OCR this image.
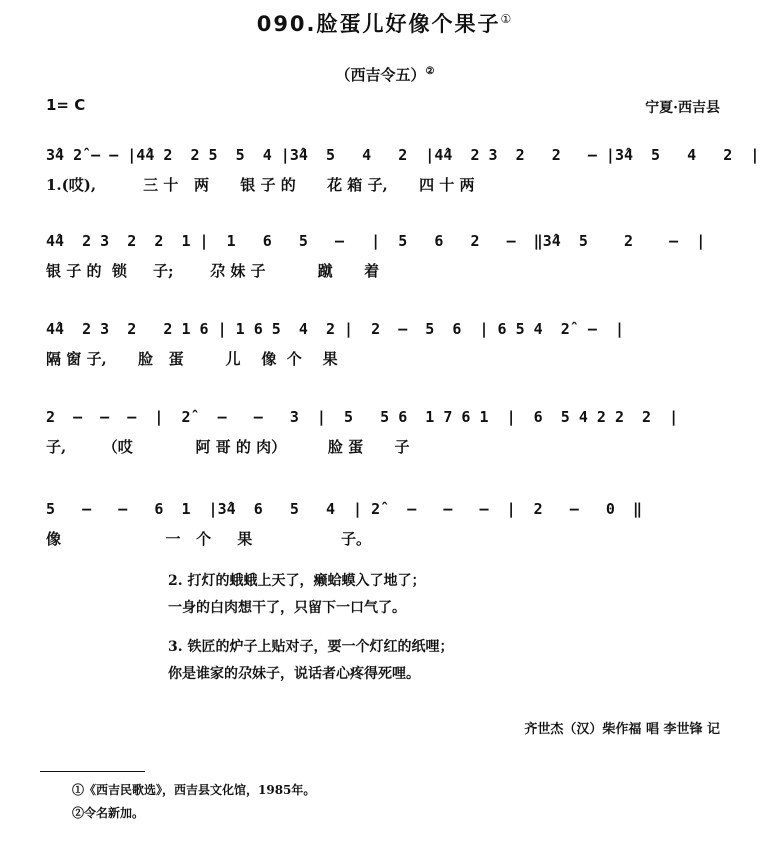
090.脸蛋儿好像个果子①
（西吉令五）②
1= C	宁夏·西吉县
3̂4 2̂ – – |4̂4 2  2 5  5  4 |3̂4  5   4   2  |4̂4  2 3  2   2   – |3̂4  5   4   2  |
1.(哎),         三 十   两      银 子 的      花 箱 子,      四 十 两
4̂4  2 3  2  2  1 |  1   6   5   –   |  5   6   2   –  ‖3̂4  5    2    –  |
银 子 的  锁     子;       尕 妹 子          蹴      着
4̂4  2 3  2   2 1 6 | 1 6 5  4  2 |  2  –  5  6  | 6 5 4  2̂  –  |
隔 窗 子,      脸   蛋        儿    像  个    果
2  –  –  –  |  2̂   –   –   3  |  5   5 6  1 7 6 1  |  6  5 4 2 2  2  |
子,       （哎            阿 哥 的 肉）        脸 蛋      子
5   –   –   6  1  |3̂4  6   5   4  | 2̂   –   –   –  |  2   –   0  ‖
像                    一   个     果                 子。
2. 打灯的蛾蛾上天了，癞蛤蟆入了地了；
一身的白肉想干了，只留下一口气了。
3. 铁匠的炉子上贴对子，要一个灯红的纸哩；
你是谁家的尕妹子，说话者心疼得死哩。
齐世杰（汉）柴作福 唱 李世锋 记
①《西吉民歌选》，西吉县文化馆，1985年。
②令名新加。
